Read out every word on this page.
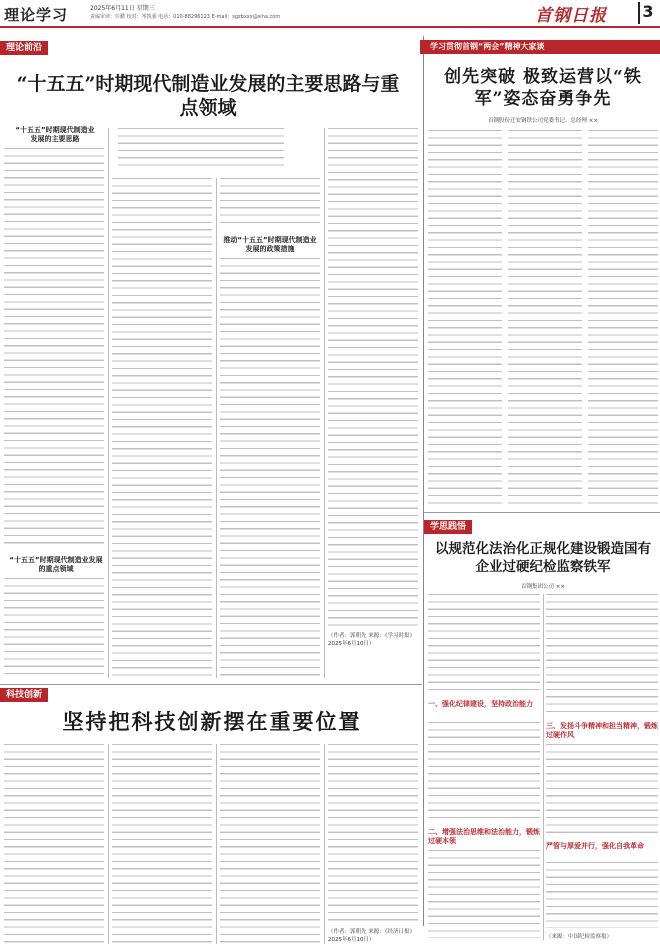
理论学习	2025年6月11日 星期三
责编审读：任鹏 校对：岑凯强 电话：010-88296123 E-mail：sgzbxxx@sina.com	首钢日报 3
理论前沿
“十五五”时期现代制造业发展的主要思路与重点领域
“十五五”时期现代制造业发展的主要思路
“十五五”时期现代制造业发展的重点领域
推动“十五五”时期现代制造业发展的政策措施
（作者：郭朝先 来源：《学习时报》 2025年6月10日）
学习贯彻首钢“两会”精神大家谈
创先突破 极致运营以“铁军”姿态奋勇争先
首钢股份迁安钢铁公司党委书记、总经理 ××
学思践悟
以规范化法治化正规化建设锻造国有企业过硬纪检监察铁军
首钢集团公司 ××
一、强化纪律建设，坚持政治能力
二、增强法治思维和法治能力，锻炼过硬本领
三、发扬斗争精神和担当精神，锻炼过硬作风
严管与厚爱并行，强化自我革命
（来源：中国纪检监察报）
科技创新
坚持把科技创新摆在重要位置
（作者：郭朝先 来源：《经济日报》 2025年6月10日）
